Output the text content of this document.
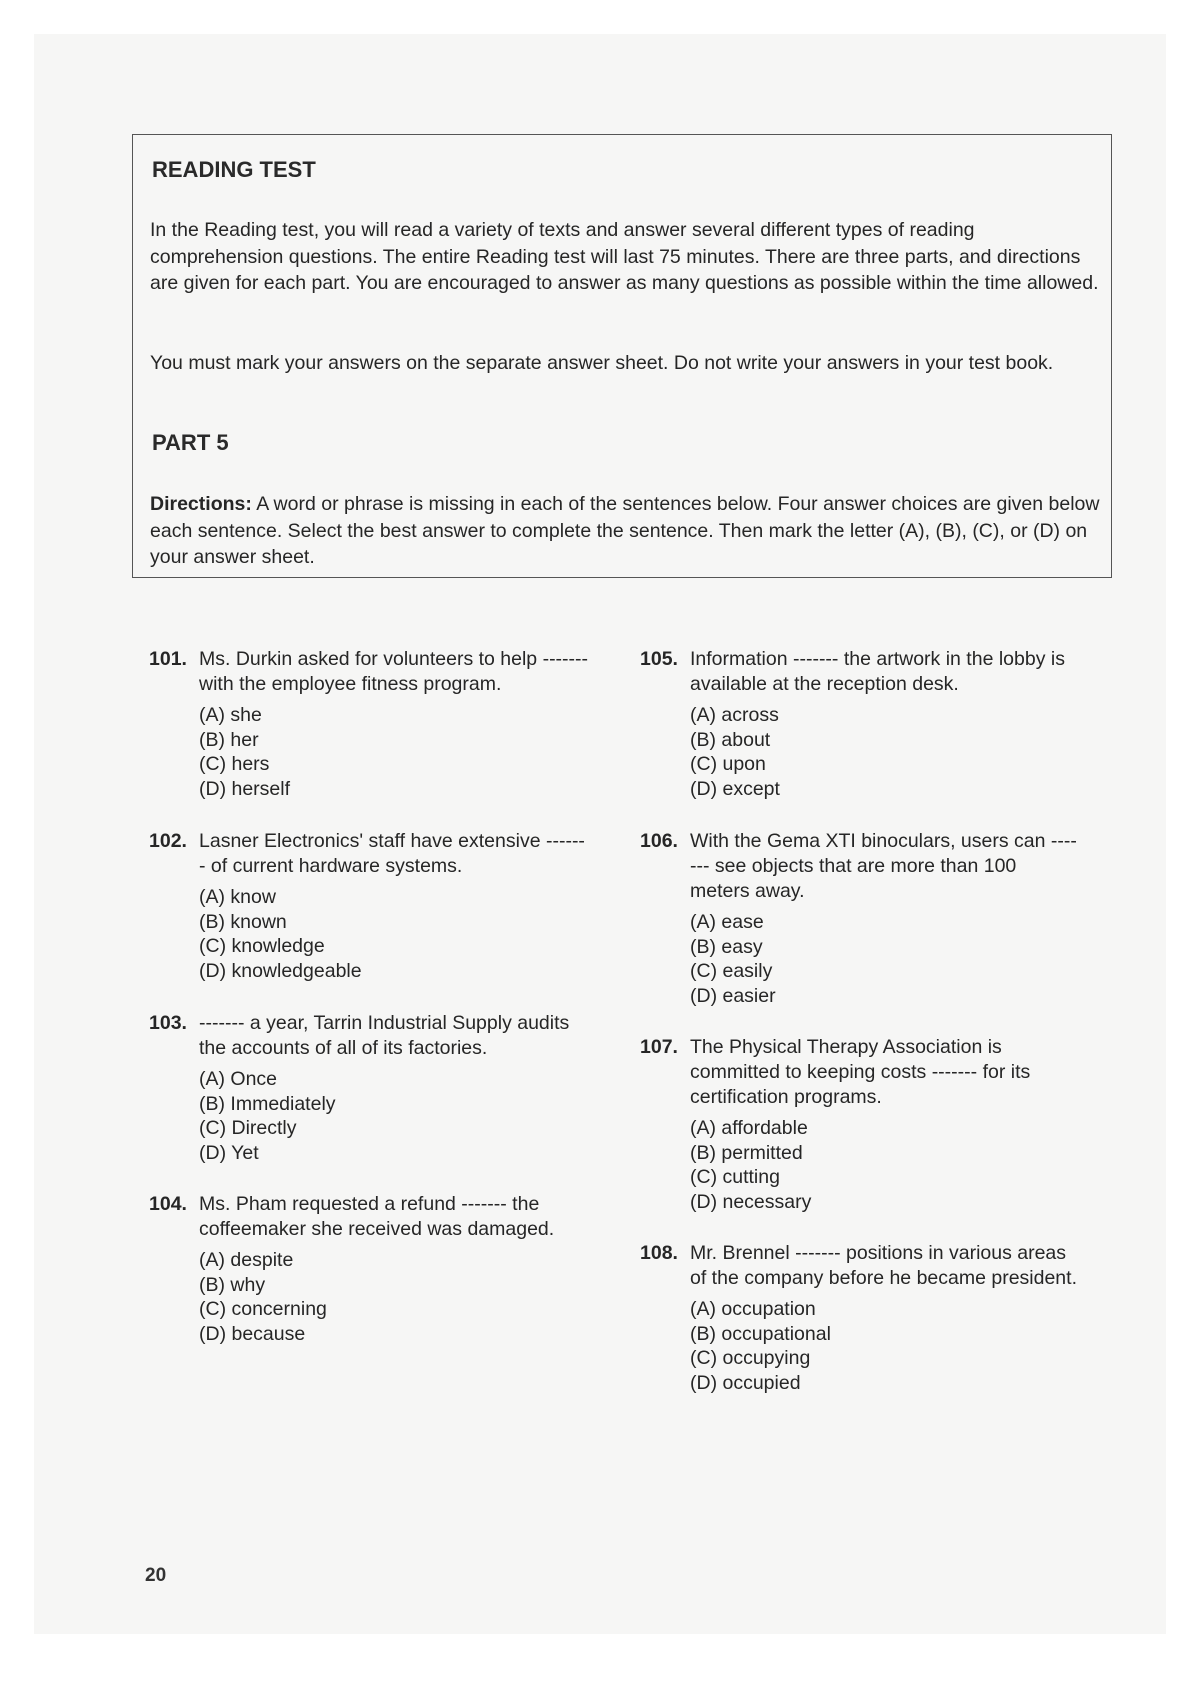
READING TEST

In the Reading test, you will read a variety of texts and answer several different types of reading comprehension questions. The entire Reading test will last 75 minutes. There are three parts, and directions are given for each part. You are encouraged to answer as many questions as possible within the time allowed.

You must mark your answers on the separate answer sheet. Do not write your answers in your test book.

PART 5

Directions: A word or phrase is missing in each of the sentences below. Four answer choices are given below each sentence. Select the best answer to complete the sentence. Then mark the letter (A), (B), (C), or (D) on your answer sheet.

101. Ms. Durkin asked for volunteers to help ------- with the employee fitness program.
(A) she
(B) her
(C) hers
(D) herself
102. Lasner Electronics' staff have extensive ------- of current hardware systems.
(A) know
(B) known
(C) knowledge
(D) knowledgeable
103. ------- a year, Tarrin Industrial Supply audits the accounts of all of its factories.
(A) Once
(B) Immediately
(C) Directly
(D) Yet
104. Ms. Pham requested a refund ------- the coffeemaker she received was damaged.
(A) despite
(B) why
(C) concerning
(D) because
105. Information ------- the artwork in the lobby is available at the reception desk.
(A) across
(B) about
(C) upon
(D) except
106. With the Gema XTI binoculars, users can ------- see objects that are more than 100 meters away.
(A) ease
(B) easy
(C) easily
(D) easier
107. The Physical Therapy Association is committed to keeping costs ------- for its certification programs.
(A) affordable
(B) permitted
(C) cutting
(D) necessary
108. Mr. Brennel ------- positions in various areas of the company before he became president.
(A) occupation
(B) occupational
(C) occupying
(D) occupied
20
